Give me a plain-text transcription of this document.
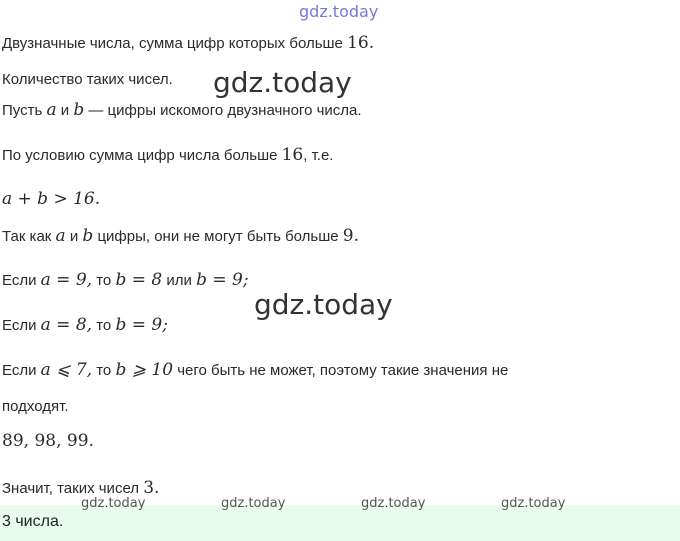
gdz.today
Двузначные числа, сумма цифр которых больше 16.
Количество таких чисел. gdz.today
Пусть a и b — цифры искомого двузначного числа.
По условию сумма цифр числа больше 16, т.е.
a + b > 16.
Так как a и b цифры, они не могут быть больше 9.
Если a = 9, то b = 8 или b = 9;
gdz.today
Если a = 8, то b = 9;
Если a ⩽ 7, то b ⩾ 10 чего быть не может, поэтому такие значения не
подходят.
89, 98, 99.
Значит, таких чисел 3.
3 числа.
gdz.today	gdz.today	gdz.today	gdz.today
